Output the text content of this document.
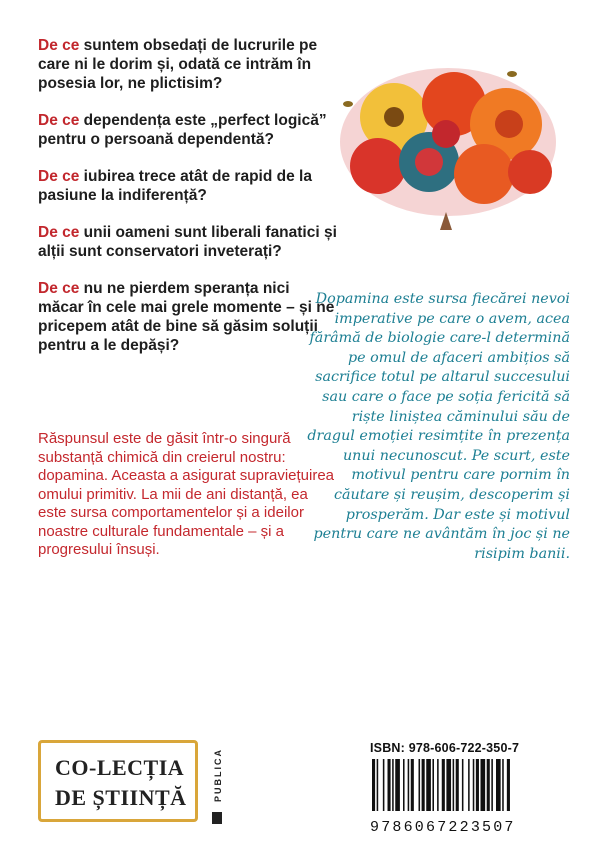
De ce suntem obsedați de lucrurile pe care ni le dorim și, odată ce intrăm în posesia lor, ne plictisim?

De ce dependența este „perfect logică” pentru o persoană dependentă?

De ce iubirea trece atât de rapid de la pasiune la indiferență?

De ce unii oameni sunt liberali fanatici și alții sunt conservatori inveterați?

De ce nu ne pierdem speranța nici măcar în cele mai grele momente – și ne pricepem atât de bine să găsim soluții pentru a le depăși?

Răspunsul este de găsit într-o singură substanță chimică din creierul nostru: dopamina. Aceasta a asigurat supraviețuirea omului primitiv. La mii de ani distanță, ea este sursa comportamentelor și a ideilor noastre culturale fundamentale – și a progresului însuși.
Dopamina este sursa fiecărei nevoi imperative pe care o avem, acea fărâmă de biologie care-l determină pe omul de afaceri ambițios să sacrifice totul pe altarul succesului sau care o face pe soția fericită să riște liniștea căminului său de dragul emoției resimțite în prezența unui necunoscut. Pe scurt, este motivul pentru care pornim în căutare și reușim, descoperim și prosperăm. Dar este și motivul pentru care ne avântăm în joc și ne risipim banii.
CO-LECȚIA
DE ȘTIINȚĂ	PUBLICA	ISBN: 978-606-722-350-7
9786067223507
